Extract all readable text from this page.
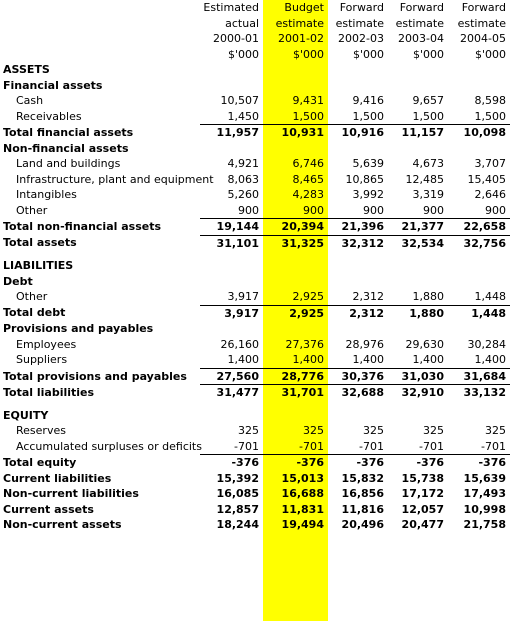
	Estimated	Budget	Forward	Forward	Forward
	actual	estimate	estimate	estimate	estimate
	2000-01	2001-02	2002-03	2003-04	2004-05
	$'000	$'000	$'000	$'000	$'000
ASSETS					
Financial assets					
Cash	10,507	9,431	9,416	9,657	8,598
Receivables	1,450	1,500	1,500	1,500	1,500
Total financial assets	11,957	10,931	10,916	11,157	10,098
Non-financial assets					
Land and buildings	4,921	6,746	5,639	4,673	3,707
Infrastructure, plant and equipment	8,063	8,465	10,865	12,485	15,405
Intangibles	5,260	4,283	3,992	3,319	2,646
Other	900	900	900	900	900
Total non-financial assets	19,144	20,394	21,396	21,377	22,658
Total assets	31,101	31,325	32,312	32,534	32,756

LIABILITIES					
Debt					
Other	3,917	2,925	2,312	1,880	1,448
Total debt	3,917	2,925	2,312	1,880	1,448
Provisions and payables					
Employees	26,160	27,376	28,976	29,630	30,284
Suppliers	1,400	1,400	1,400	1,400	1,400
Total provisions and payables	27,560	28,776	30,376	31,030	31,684
Total liabilities	31,477	31,701	32,688	32,910	33,132

EQUITY					
Reserves	325	325	325	325	325
Accumulated surpluses or deficits	-701	-701	-701	-701	-701
Total equity	-376	-376	-376	-376	-376
Current liabilities	15,392	15,013	15,832	15,738	15,639
Non-current liabilities	16,085	16,688	16,856	17,172	17,493
Current assets	12,857	11,831	11,816	12,057	10,998
Non-current assets	18,244	19,494	20,496	20,477	21,758
